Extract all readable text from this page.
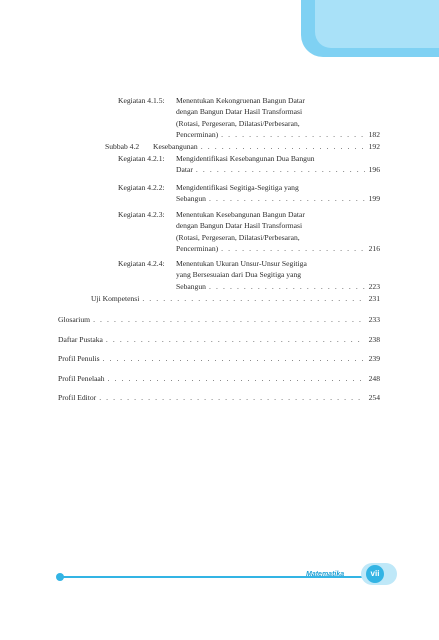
Kegiatan 4.1.5: Menentukan Kekongruenan Bangun Datar
dengan Bangun Datar Hasil Transformasi
(Rotasi, Pergeseran, Dilatasi/Perbesaran,
Pencerminan) . . .	182
Subbab 4.2 Kesebangunan . . .	192
Kegiatan 4.2.1: Mengidentifikasi Kesebangunan Dua Bangun
Datar . . .	196
Kegiatan 4.2.2: Mengidentifikasi Segitiga-Segitiga yang
Sebangun . . .	199
Kegiatan 4.2.3: Menentukan Kesebangunan Bangun Datar
dengan Bangun Datar Hasil Transformasi
(Rotasi, Pergeseran, Dilatasi/Perbesaran,
Pencerminan) . . .	216
Kegiatan 4.2.4: Menentukan Ukuran Unsur-Unsur Segitiga
yang Bersesuaian dari Dua Segitiga yang
Sebangun . . .	223
Uji Kompetensi . . .	231
Glosarium . . .	233
Daftar Pustaka . . .	238
Profil Penulis . . .	239
Profil Penelaah . . .	248
Profil Editor . . .	254
Matematika	vii
